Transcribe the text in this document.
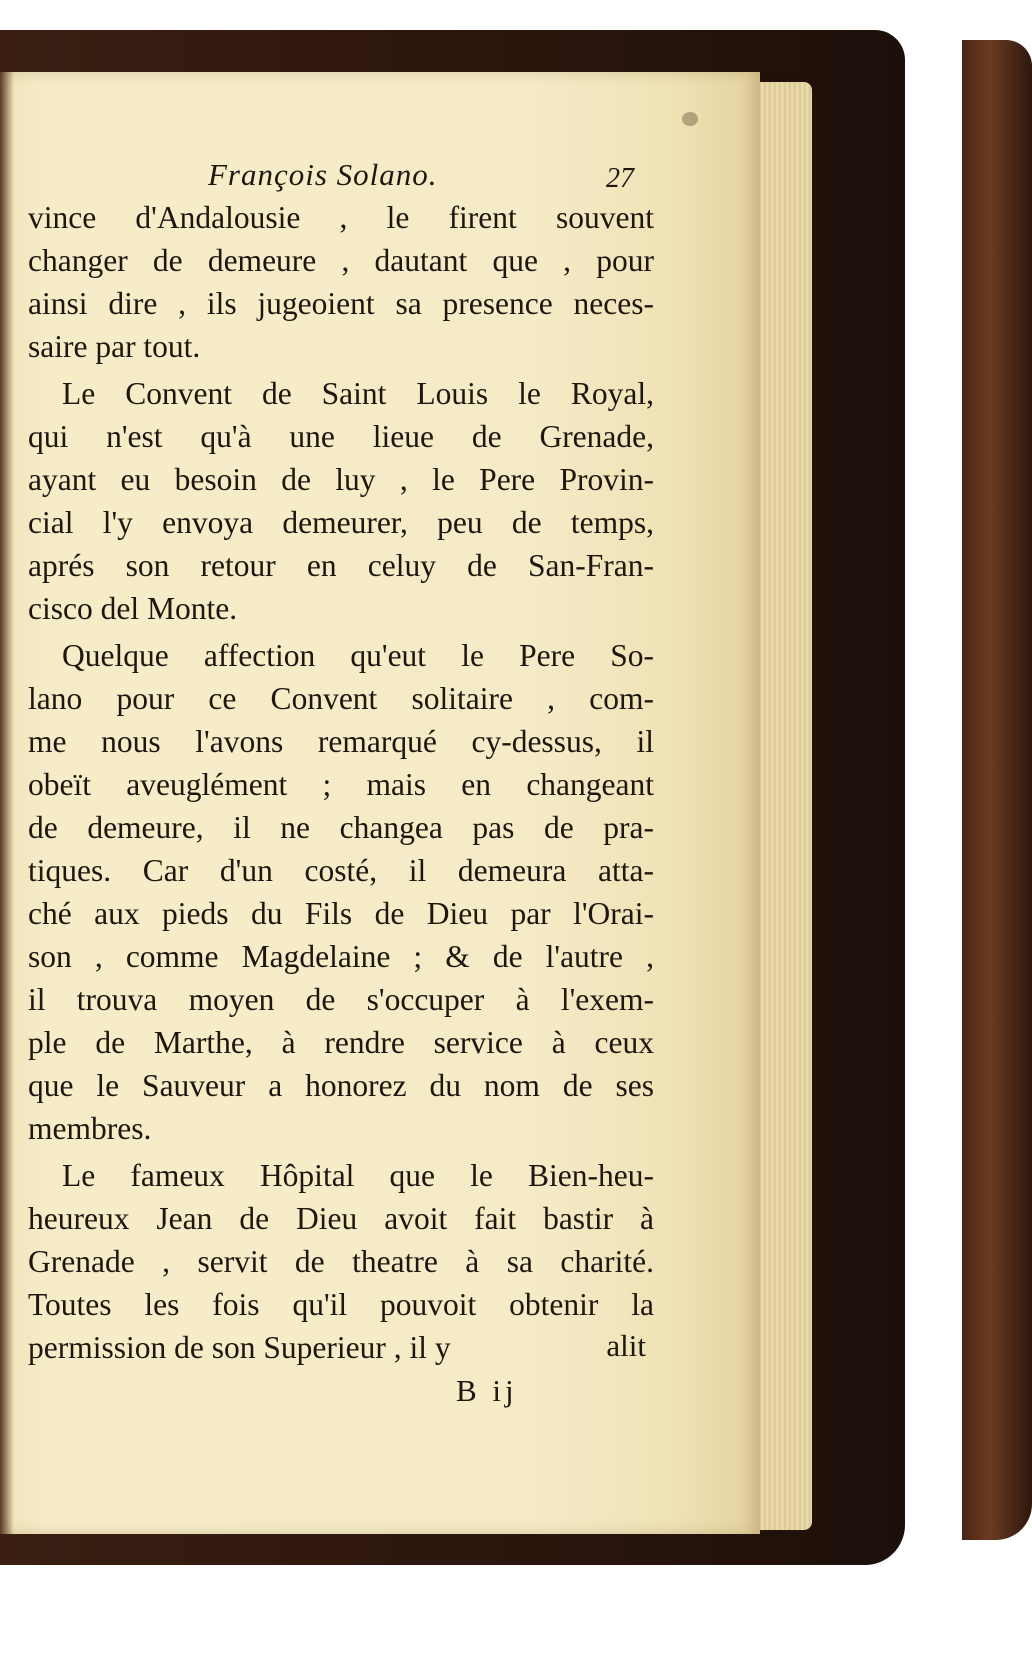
François Solano.	27
vince d'Andalousie , le firent souvent
changer de demeure , dautant que , pour
ainsi dire , ils jugeoient sa presence neces-
saire par tout.
Le Convent de Saint Louis le Royal,
qui n'est qu'à une lieue de Grenade,
ayant eu besoin de luy , le Pere Provin-
cial l'y envoya demeurer, peu de temps,
aprés son retour en celuy de San-Fran-
cisco del Monte.
Quelque affection qu'eut le Pere So-
lano pour ce Convent solitaire , com-
me nous l'avons remarqué cy-dessus, il
obeït aveuglément ; mais en changeant
de demeure, il ne changea pas de pra-
tiques. Car d'un costé, il demeura atta-
ché aux pieds du Fils de Dieu par l'Orai-
son , comme Magdelaine ; & de l'autre ,
il trouva moyen de s'occuper à l'exem-
ple de Marthe, à rendre service à ceux
que le Sauveur a honorez du nom de ses
membres.
Le fameux Hôpital que le Bien-heu-
heureux Jean de Dieu avoit fait bastir à
Grenade , servit de theatre à sa charité.
Toutes les fois qu'il pouvoit obtenir la
permission de son Superieur , il y	alit
B ij
